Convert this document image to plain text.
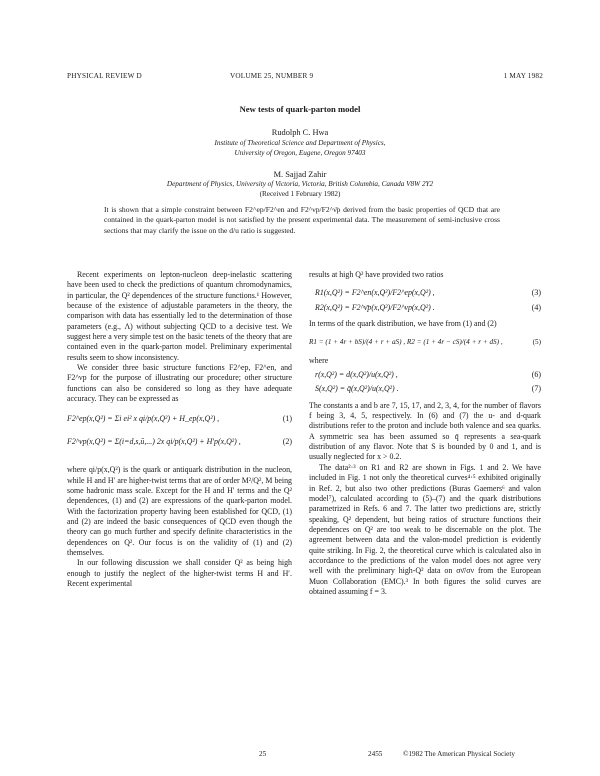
PHYSICAL REVIEW D	VOLUME 25, NUMBER 9	1 MAY 1982
New tests of quark-parton model
Rudolph C. Hwa
Institute of Theoretical Science and Department of Physics,
University of Oregon, Eugene, Oregon 97403
M. Sajjad Zahir
Department of Physics, University of Victoria, Victoria, British Columbia, Canada V8W 2Y2
(Received 1 February 1982)
It is shown that a simple constraint between F2^ep/F2^en and F2^νp/F2^ν̄p derived from the basic properties of QCD that are contained in the quark-parton model is not satisfied by the present experimental data. The measurement of semi-inclusive cross sections that may clarify the issue on the d/u ratio is suggested.

Recent experiments on lepton-nucleon deep-inelastic scattering have been used to check the predictions of quantum chromodynamics, in particular, the Q² dependences of the structure functions.¹ However, because of the existence of adjustable parameters in the theory, the comparison with data has essentially led to the determination of those parameters (e.g., Λ) without subjecting QCD to a decisive test. We suggest here a very simple test on the basic tenets of the theory that are contained even in the quark-parton model. Preliminary experimental results seem to show inconsistency.

We consider three basic structure functions F2^ep, F2^en, and F2^νp for the purpose of illustrating our procedure; other structure functions can also be considered so long as they have adequate accuracy. They can be expressed as

F2^ep(x,Q²) = Σi ei² x qi/p(x,Q²) + H_ep(x,Q²) ,	(1)
F2^νp(x,Q²) = Σ(i=d,s,ū,...) 2x qi/p(x,Q²) + H′p(x,Q²) ,	(2)

where qi/p(x,Q²) is the quark or antiquark distribution in the nucleon, while H and H′ are higher-twist terms that are of order M²/Q², M being some hadronic mass scale. Except for the H and H′ terms and the Q² dependences, (1) and (2) are expressions of the quark-parton model. With the factorization property having been established for QCD, (1) and (2) are indeed the basic consequences of QCD even though the theory can go much further and specify definite characteristics in the dependences on Q². Our focus is on the validity of (1) and (2) themselves.

In our following discussion we shall consider Q² as being high enough to justify the neglect of the higher-twist terms H and H′. Recent experimental

results at high Q² have provided two ratios

R1(x,Q²) = F2^en(x,Q²)/F2^ep(x,Q²) ,	(3)
R2(x,Q²) = F2^ν̄p(x,Q²)/F2^νp(x,Q²) .	(4)

In terms of the quark distribution, we have from (1) and (2)

R1 = (1 + 4r + bS)/(4 + r + aS) , R2 = (1 + 4r − cS)/(4 + r + dS) ,	(5)

where

r(x,Q²) = d(x,Q²)/u(x,Q²) ,	(6)
S(x,Q²) = q̄(x,Q²)/u(x,Q²) .	(7)

The constants a and b are 7, 15, 17, and 2, 3, 4, for the number of flavors f being 3, 4, 5, respectively. In (6) and (7) the u- and d-quark distributions refer to the proton and include both valence and sea quarks. A symmetric sea has been assumed so q̄ represents a sea-quark distribution of any flavor. Note that S is bounded by 0 and 1, and is usually neglected for x > 0.2.

The data²·³ on R1 and R2 are shown in Figs. 1 and 2. We have included in Fig. 1 not only the theoretical curves⁴·⁵ exhibited originally in Ref. 2, but also two other predictions (Buras Gaemers⁶ and valon model⁷), calculated according to (5)–(7) and the quark distributions parametrized in Refs. 6 and 7. The latter two predictions are, strictly speaking, Q² dependent, but being ratios of structure functions their dependences on Q² are too weak to be discernable on the plot. The agreement between data and the valon-model prediction is evidently quite striking. In Fig. 2, the theoretical curve which is calculated also in accordance to the predictions of the valon model does not agree very well with the preliminary high-Q² data on σν̄/σν from the European Muon Collaboration (EMC).³ In both figures the solid curves are obtained assuming f = 3.

25	2455	©1982 The American Physical Society
